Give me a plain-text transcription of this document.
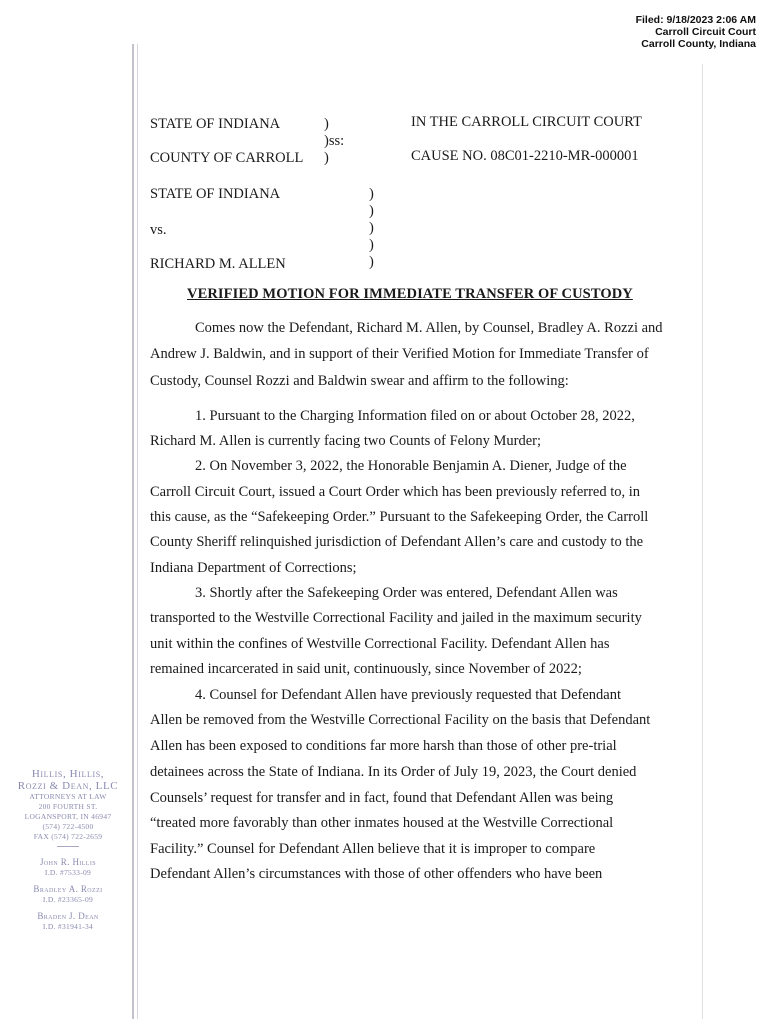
Filed: 9/18/2023 2:06 AM
Carroll Circuit Court
Carroll County, Indiana
STATE OF INDIANA	)
)ss:
COUNTY OF CARROLL )
IN THE CARROLL CIRCUIT COURT
CAUSE NO. 08C01-2210-MR-000001
STATE OF INDIANA
vs.
RICHARD M. ALLEN
)
)
)
)
)
VERIFIED MOTION FOR IMMEDIATE TRANSFER OF CUSTODY
Comes now the Defendant, Richard M. Allen, by Counsel, Bradley A. Rozzi and
Andrew J. Baldwin, and in support of their Verified Motion for Immediate Transfer of
Custody, Counsel Rozzi and Baldwin swear and affirm to the following:
1. Pursuant to the Charging Information filed on or about October 28, 2022,
Richard M. Allen is currently facing two Counts of Felony Murder;
2. On November 3, 2022, the Honorable Benjamin A. Diener, Judge of the
Carroll Circuit Court, issued a Court Order which has been previously referred to, in
this cause, as the “Safekeeping Order.” Pursuant to the Safekeeping Order, the Carroll
County Sheriff relinquished jurisdiction of Defendant Allen’s care and custody to the
Indiana Department of Corrections;
3. Shortly after the Safekeeping Order was entered, Defendant Allen was
transported to the Westville Correctional Facility and jailed in the maximum security
unit within the confines of Westville Correctional Facility. Defendant Allen has
remained incarcerated in said unit, continuously, since November of 2022;
4. Counsel for Defendant Allen have previously requested that Defendant
Allen be removed from the Westville Correctional Facility on the basis that Defendant
Allen has been exposed to conditions far more harsh than those of other pre-trial
detainees across the State of Indiana. In its Order of July 19, 2023, the Court denied
Counsels’ request for transfer and in fact, found that Defendant Allen was being
“treated more favorably than other inmates housed at the Westville Correctional
Facility.” Counsel for Defendant Allen believe that it is improper to compare
Defendant Allen’s circumstances with those of other offenders who have been
Hillis, Hillis,
Rozzi & Dean, LLC
ATTORNEYS AT LAW
200 FOURTH ST.
LOGANSPORT, IN 46947
(574) 722-4500
FAX (574) 722-2659
John R. Hillis
I.D. #7533-09
Bradley A. Rozzi
I.D. #23365-09
Braden J. Dean
I.D. #31941-34
